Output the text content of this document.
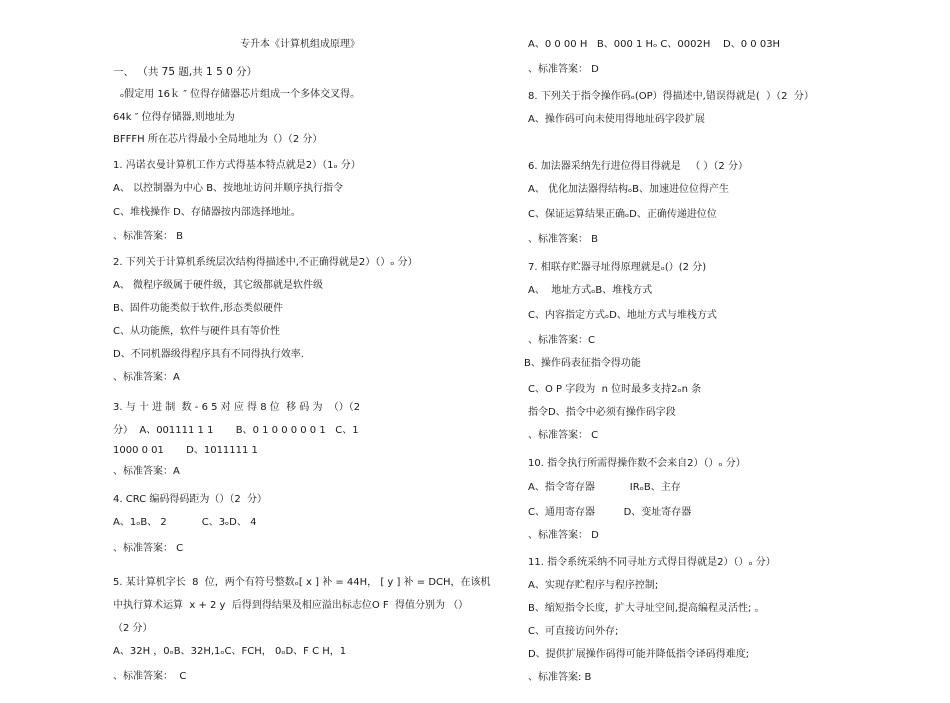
专升本《计算机组成原理》
一、 （共 75 题,共 1 5 0 分）
ₒ假定用 16ｋ ″ 位得存储器芯片组成一个多体交叉得。
64k ″ 位得存储器,则地址为
BFFFH 所在芯片得最小全局地址为（）（2 分）
1. 冯诺衣曼计算机工作方式得基本特点就是2）（1ₒ 分）
A、 以控制器为中心 B、按地址访问并顺序执行指令
C、堆栈操作 D、存储器按内部选择地址。
、标准答案： B
2. 下列关于计算机系统层次结构得描述中,不正确得就是2）（）ₒ 分）
A、 微程序级属于硬件级，其它级都就是软件级
B、固件功能类似于软件,形态类似硬件
C、从功能熊，软件与硬件具有等价性
D、不同机器级得程序具有不同得执行效率.
、标准答案：A
3. 与 十 进 制  数 - 6 5 对 应 得 8 位  移 码 为  （）（2
分）  A、001111 1 1       B、0 1 0 0 0 0 0 1   C、1
1000 0 01       D、1011111 1
、标准答案：A
4. CRC 编码得码距为（）（2  分）
A、1ₒB、 2           C、3ₒD、 4
、标准答案： C
5. 某计算机字长  8  位，两个有符号整数ₒ[ x ] 补 = 44H， [ y ] 补 = DCH，在该机
中执行算术运算  x + 2 y  后得到得结果及相应溢出标志位O F  得值分别为 （）
（2 分）
A、32H ，0ₒB、32H,1ₒC、FCH， 0ₒD、F C H，1
、标准答案：  C
A、0 0 00 H   B、000 1 Hₒ C、0002H    D、0 0 03H
、标准答案： D
8. 下列关于指令操作码ₒ(OP）得描述中,错误得就是(  ）（2  分）
A、操作码可向未使用得地址码字段扩展
6. 加法器采纳先行进位得目得就是   （ ）（2 分）
A、 优化加法器得结构ₒB、加速进位位得产生
C、保证运算结果正确ₒD、正确传递进位位
、标准答案： B
7. 相联存贮器寻址得原理就是ₒ(）(2 分)
A、  地址方式ₒB、堆栈方式
C、内容指定方式ₒD、地址方式与堆栈方式
、标准答案：C
B、操作码表征指令得功能
C、O P 字段为  n 位时最多支持2ₒn 条
指令D、指令中必须有操作码字段
、标准答案： C
10. 指令执行所需得操作数不会来自2）（）ₒ 分）
A、指令寄存器           IRₒB、主存
C、通用寄存器         D、变址寄存器
、标准答案： D
11. 指令系统采纳不同寻址方式得目得就是2）（）ₒ 分）
A、实现存贮程序与程序控制;
B、缩短指令长度，扩大寻址空间,提高编程灵活性; 。
C、可直接访问外存;
D、提供扩展操作码得可能并降低指令译码得难度;
、标准答案: B
